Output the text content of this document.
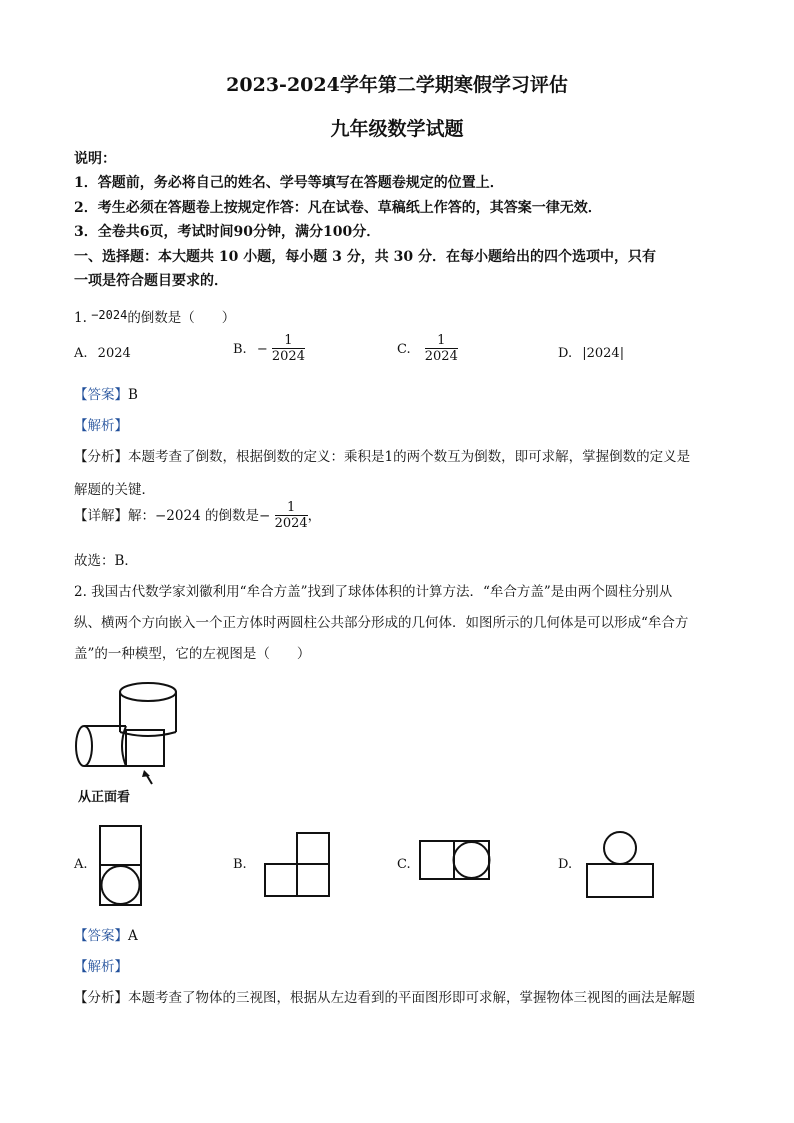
2023-2024学年第二学期寒假学习评估
九年级数学试题
说明：
1．答题前，务必将自己的姓名、学号等填写在答题卷规定的位置上．
2．考生必须在答题卷上按规定作答：凡在试卷、草稿纸上作答的，其答案一律无效．
3．全卷共6页，考试时间90分钟，满分100分．
一、选择题：本大题共 10 小题，每小题 3 分，共 30 分．在每小题给出的四个选项中，只有
一项是符合题目要求的．
1. −2024的倒数是（　　）
A. 2024	B. − $\frac{1}{2024}$	C. $\frac{1}{2024}$	D. |2024|
【答案】B
【解析】
【分析】本题考查了倒数，根据倒数的定义：乘积是1的两个数互为倒数，即可求解，掌握倒数的定义是
解题的关键．
【详解】解：−2024 的倒数是− $\frac{1}{2024}$ ，
故选：B．
2. 我国古代数学家刘徽利用“牟合方盖”找到了球体体积的计算方法．“牟合方盖”是由两个圆柱分别从
纵、横两个方向嵌入一个正方体时两圆柱公共部分形成的几何体．如图所示的几何体是可以形成“牟合方
盖”的一种模型，它的左视图是（　　）
从正面看
A.	B.	C.	D.
【答案】A
【解析】
【分析】本题考查了物体的三视图，根据从左边看到的平面图形即可求解，掌握物体三视图的画法是解题
